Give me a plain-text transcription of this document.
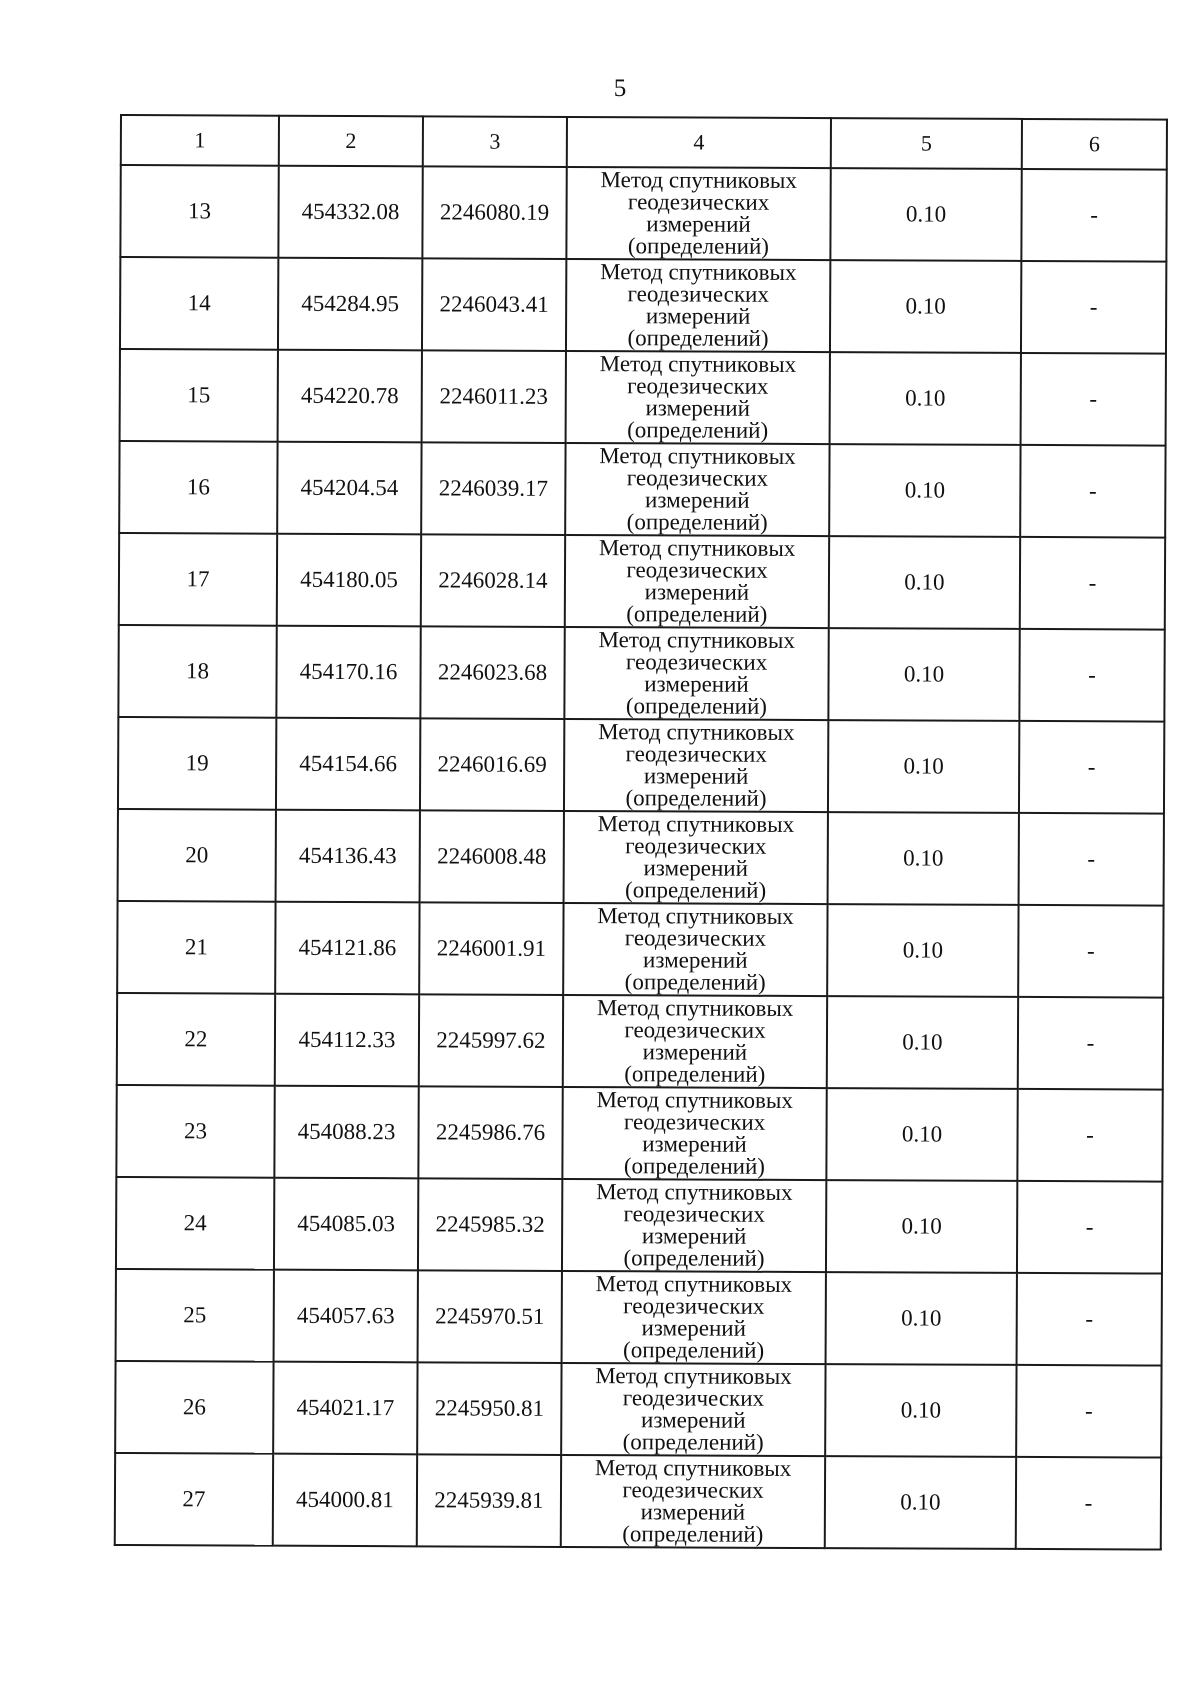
5
1	2	3	4	5	6
13	454332.08	2246080.19	Метод спутниковых
геодезических
измерений
(определений)	0.10	-
14	454284.95	2246043.41	Метод спутниковых
геодезических
измерений
(определений)	0.10	-
15	454220.78	2246011.23	Метод спутниковых
геодезических
измерений
(определений)	0.10	-
16	454204.54	2246039.17	Метод спутниковых
геодезических
измерений
(определений)	0.10	-
17	454180.05	2246028.14	Метод спутниковых
геодезических
измерений
(определений)	0.10	-
18	454170.16	2246023.68	Метод спутниковых
геодезических
измерений
(определений)	0.10	-
19	454154.66	2246016.69	Метод спутниковых
геодезических
измерений
(определений)	0.10	-
20	454136.43	2246008.48	Метод спутниковых
геодезических
измерений
(определений)	0.10	-
21	454121.86	2246001.91	Метод спутниковых
геодезических
измерений
(определений)	0.10	-
22	454112.33	2245997.62	Метод спутниковых
геодезических
измерений
(определений)	0.10	-
23	454088.23	2245986.76	Метод спутниковых
геодезических
измерений
(определений)	0.10	-
24	454085.03	2245985.32	Метод спутниковых
геодезических
измерений
(определений)	0.10	-
25	454057.63	2245970.51	Метод спутниковых
геодезических
измерений
(определений)	0.10	-
26	454021.17	2245950.81	Метод спутниковых
геодезических
измерений
(определений)	0.10	-
27	454000.81	2245939.81	Метод спутниковых
геодезических
измерений
(определений)	0.10	-
